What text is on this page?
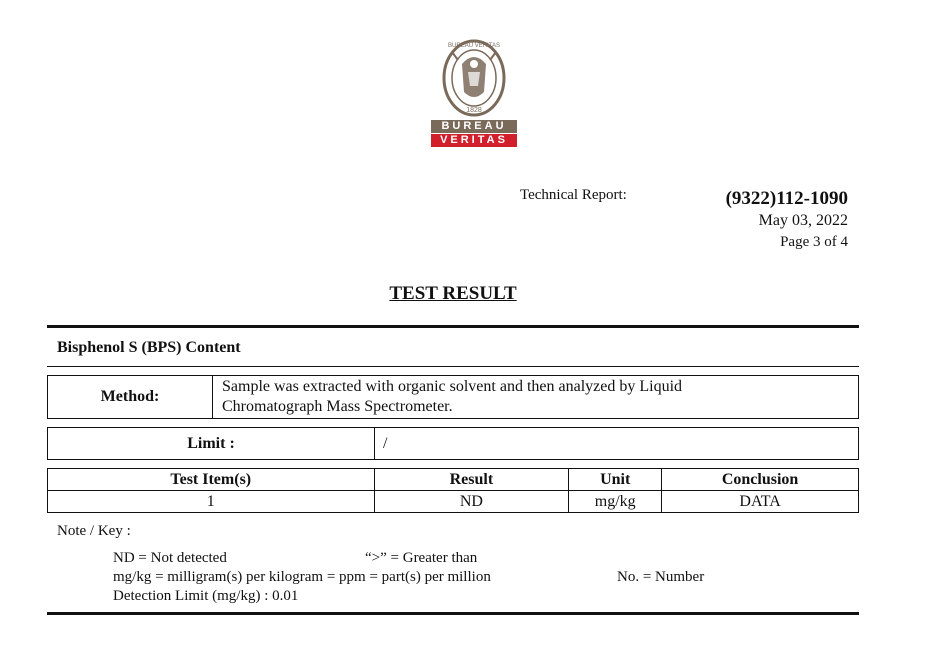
BUREAU VERITAS
1828
BUREAU
VERITAS
Technical Report:	(9322)112-1090
May 03, 2022
Page 3 of 4
TEST RESULT
Bisphenol S (BPS) Content
Method:	
Sample was extracted with organic solvent and then analyzed by Liquid
Chromatograph Mass Spectrometer.
Limit :	/
Test Item(s)	Result	Unit	Conclusion
1	ND	mg/kg	DATA
Note / Key :
ND = Not detected	“>” = Greater than
mg/kg = milligram(s) per kilogram = ppm = part(s) per million	No. = Number
Detection Limit (mg/kg) : 0.01
